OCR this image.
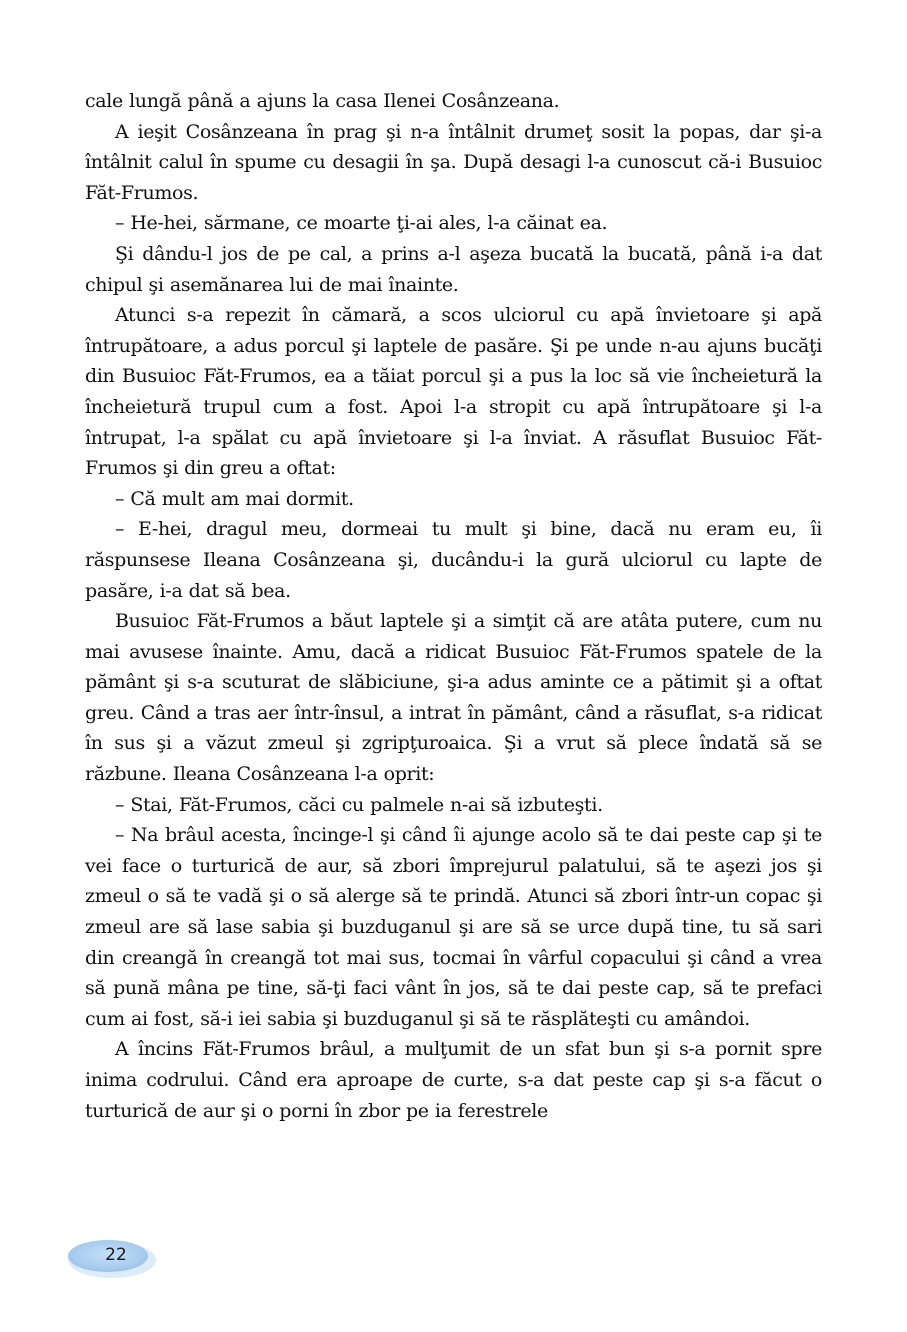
cale lungă până a ajuns la casa Ilenei Cosânzeana.

A ieşit Cosânzeana în prag şi n-a întâlnit drumeţ sosit la popas, dar şi-a întâlnit calul în spume cu desagii în şa. După desagi l-a cunoscut că-i Busuioc Făt-Frumos.

– He-hei, sărmane, ce moarte ţi-ai ales, l-a căinat ea.

Şi dându-l jos de pe cal, a prins a-l aşeza bucată la bucată, până i-a dat chipul şi asemănarea lui de mai înainte.

Atunci s-a repezit în cămară, a scos ulciorul cu apă învietoare şi apă întrupătoare, a adus porcul şi laptele de pasăre. Şi pe unde n-au ajuns bucăţi din Busuioc Făt-Frumos, ea a tăiat porcul şi a pus la loc să vie încheietură la încheietură trupul cum a fost. Apoi l-a stropit cu apă întrupătoare şi l-a întrupat, l-a spălat cu apă învietoare şi l-a înviat. A răsuflat Busuioc Făt-Frumos şi din greu a oftat:

– Că mult am mai dormit.

– E-hei, dragul meu, dormeai tu mult şi bine, dacă nu eram eu, îi răspunsese Ileana Cosânzeana şi, ducându-i la gură ulciorul cu lapte de pasăre, i-a dat să bea.

Busuioc Făt-Frumos a băut laptele şi a simţit că are atâta putere, cum nu mai avusese înainte. Amu, dacă a ridicat Busuioc Făt-Frumos spatele de la pământ şi s-a scuturat de slăbiciune, şi-a adus aminte ce a pătimit şi a oftat greu. Când a tras aer într-însul, a intrat în pământ, când a răsuflat, s-a ridicat în sus şi a văzut zmeul şi zgripţuroaica. Şi a vrut să plece îndată să se răzbune. Ileana Cosânzeana l-a oprit:

– Stai, Făt-Frumos, căci cu palmele n-ai să izbuteşti.

– Na brâul acesta, încinge-l şi când îi ajunge acolo să te dai peste cap şi te vei face o turturică de aur, să zbori împrejurul palatului, să te aşezi jos şi zmeul o să te vadă şi o să alerge să te prindă. Atunci să zbori într-un copac şi zmeul are să lase sabia şi buzduganul şi are să se urce după tine, tu să sari din creangă în creangă tot mai sus, tocmai în vârful copacului şi când a vrea să pună mâna pe tine, să-ţi faci vânt în jos, să te dai peste cap, să te prefaci cum ai fost, să-i iei sabia şi buzduganul şi să te răsplăteşti cu amândoi.

A încins Făt-Frumos brâul, a mulţumit de un sfat bun şi s-a pornit spre inima codrului. Când era aproape de curte, s-a dat peste cap şi s-a făcut o turturică de aur şi o porni în zbor pe ia ferestrele

22
